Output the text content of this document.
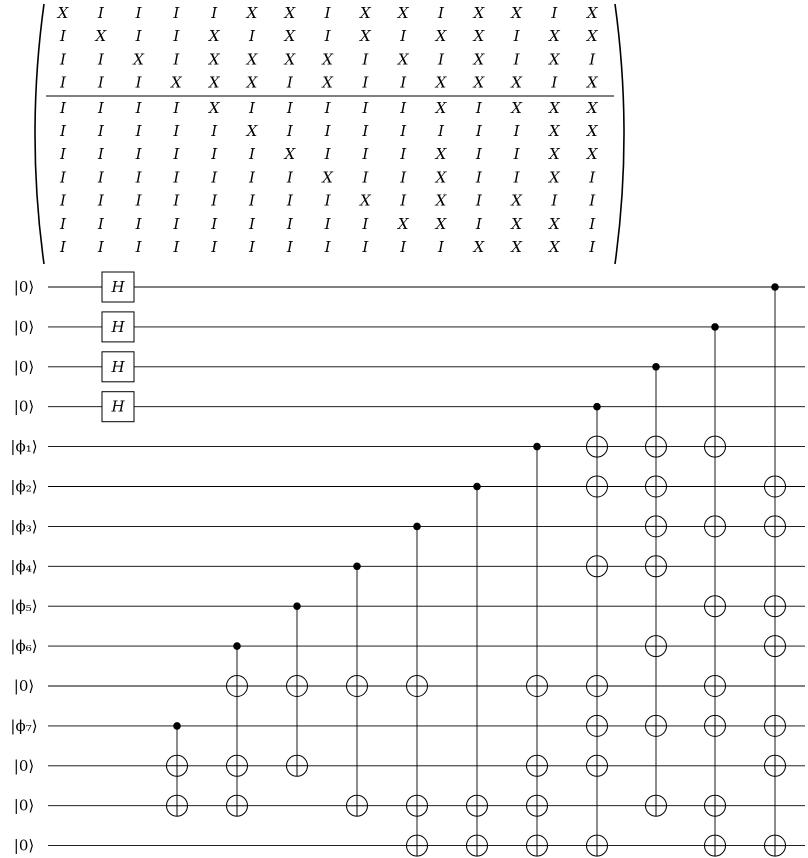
X I I I I X X I X X I X X I X
I X I I X I X I X I X X I X X
I I X I X X X X I X I X I X I
I I I X X X I X I I X X X I X
I I I I X I I I I I X I X X X
I I I I I X I I I I I I I X X
I I I I I I X I I I X I I X X
I I I I I I I X I I X I I X I
I I I I I I I I X I X I X I I
I I I I I I I I I X X I X X I
I I I I I I I I I I I X X X I
|0⟩
|0⟩
|0⟩
|0⟩
|ϕ₁⟩
|ϕ₂⟩
|ϕ₃⟩
|ϕ₄⟩
|ϕ₅⟩
|ϕ₆⟩
|0⟩
|ϕ₇⟩
|0⟩
|0⟩
|0⟩
H
H
H
H
